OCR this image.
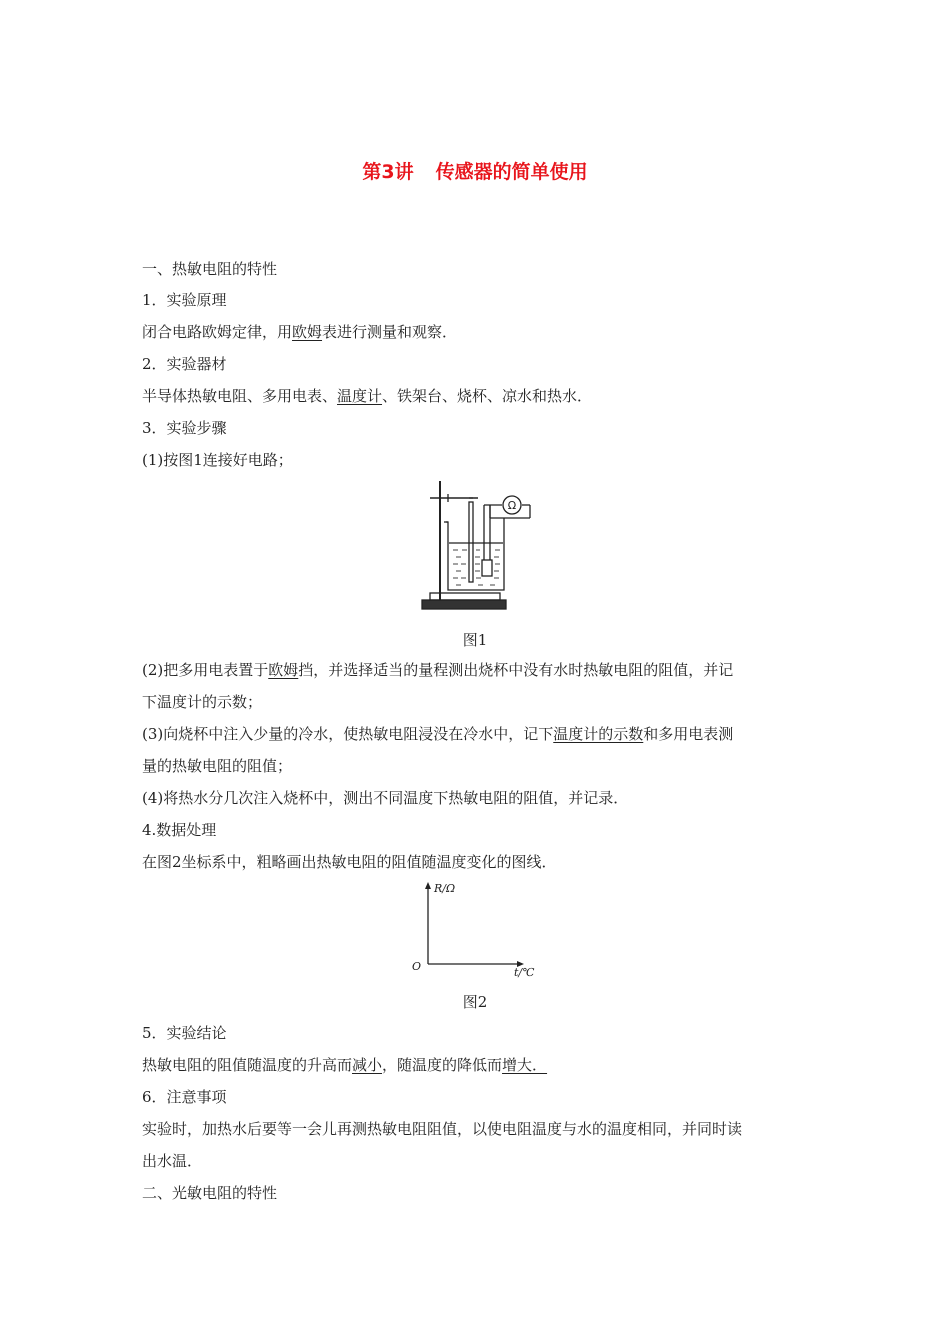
第3讲 传感器的简单使用
一、热敏电阻的特性
1．实验原理
闭合电路欧姆定律，用欧姆表进行测量和观察．
2．实验器材
半导体热敏电阻、多用电表、温度计、铁架台、烧杯、凉水和热水．
3．实验步骤
(1)按图1连接好电路；
Ω
图1
(2)把多用电表置于欧姆挡，并选择适当的量程测出烧杯中没有水时热敏电阻的阻值，并记
下温度计的示数；
(3)向烧杯中注入少量的冷水，使热敏电阻浸没在冷水中，记下温度计的示数和多用电表测
量的热敏电阻的阻值；
(4)将热水分几次注入烧杯中，测出不同温度下热敏电阻的阻值，并记录．
4.数据处理
在图2坐标系中，粗略画出热敏电阻的阻值随温度变化的图线．
R/Ω
O	t/℃
图2
5．实验结论
热敏电阻的阻值随温度的升高而减小，随温度的降低而增大．
6．注意事项
实验时，加热水后要等一会儿再测热敏电阻阻值，以使电阻温度与水的温度相同，并同时读
出水温．
二、光敏电阻的特性
